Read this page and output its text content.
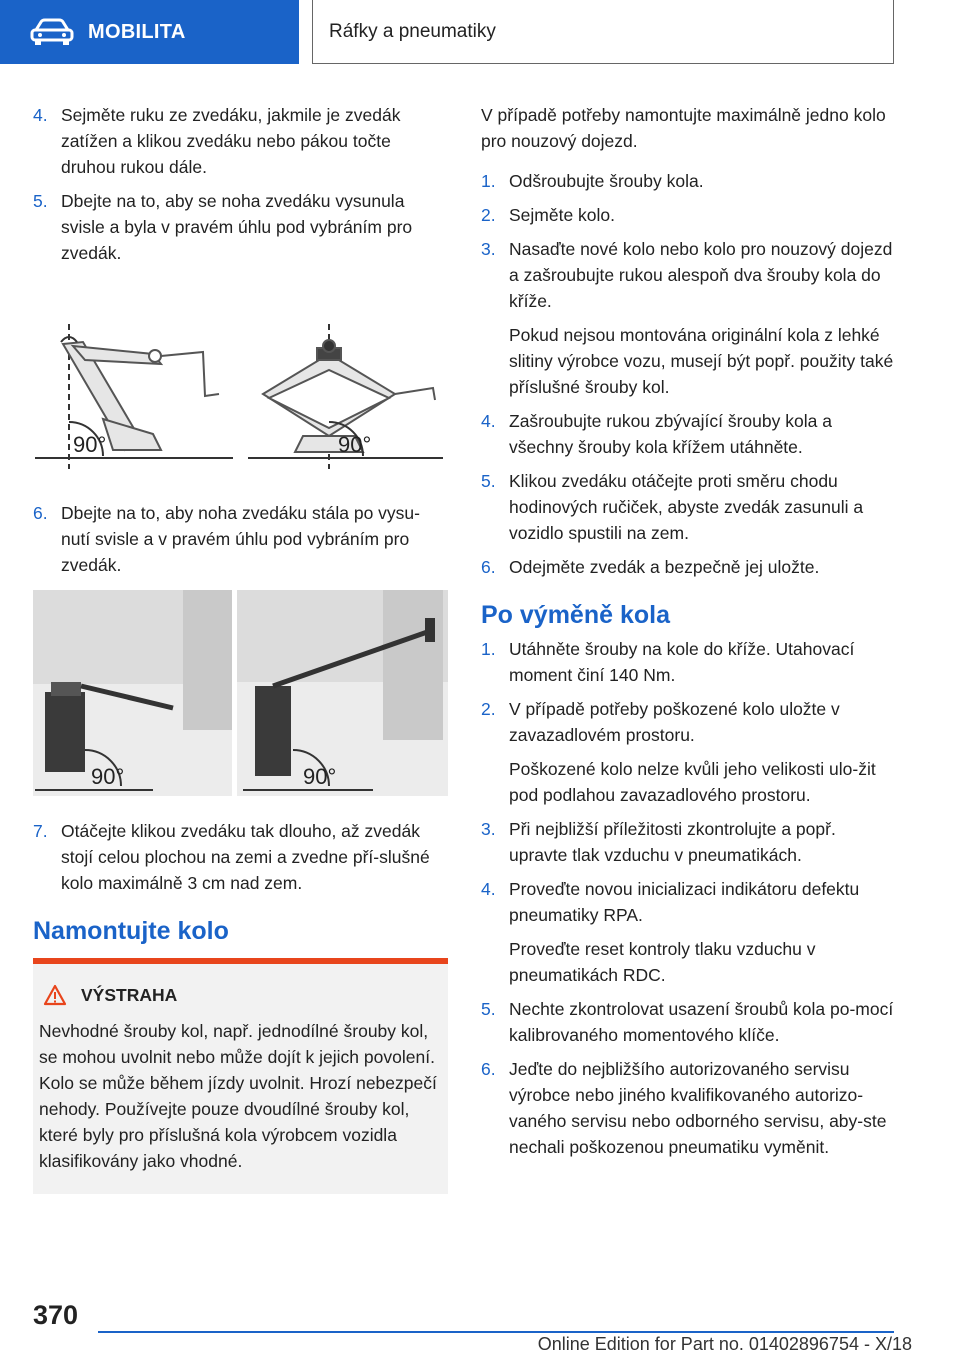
MOBILITA	Ráfky a pneumatiky
4. Sejměte ruku ze zvedáku, jakmile je zvedák zatížen a klikou zvedáku nebo pákou točte druhou rukou dále.
5. Dbejte na to, aby se noha zvedáku vysunula svisle a byla v pravém úhlu pod vybráním pro zvedák.
90°	90°
6. Dbejte na to, aby noha zvedáku stála po vysu‐nutí svisle a v pravém úhlu pod vybráním pro zvedák.
90°	90°
7. Otáčejte klikou zvedáku tak dlouho, až zvedák stojí celou plochou na zemi a zvedne pří‐slušné kolo maximálně 3 cm nad zem.
Namontujte kolo
VÝSTRAHA
Nevhodné šrouby kol, např. jednodílné šrouby kol, se mohou uvolnit nebo může dojít k jejich povolení. Kolo se může během jízdy uvolnit. Hrozí nebezpečí nehody. Používejte pouze dvoudílné šrouby kol, které byly pro příslušná kola výrobcem vozidla klasifikovány jako vhodné.

V případě potřeby namontujte maximálně jedno kolo pro nouzový dojezd.

1. Odšroubujte šrouby kola.
2. Sejměte kolo.
3. Nasaďte nové kolo nebo kolo pro nouzový dojezd a zašroubujte rukou alespoň dva šrouby kola do kříže.

Pokud nejsou montována originální kola z lehké slitiny výrobce vozu, musejí být popř. použity také příslušné šrouby kol.

4. Zašroubujte rukou zbývající šrouby kola a všechny šrouby kola křížem utáhněte.
5. Klikou zvedáku otáčejte proti směru chodu hodinových ručiček, abyste zvedák zasunuli a vozidlo spustili na zem.
6. Odejměte zvedák a bezpečně jej uložte.
Po výměně kola
1. Utáhněte šrouby na kole do kříže. Utahovací moment činí 140 Nm.
2. V případě potřeby poškozené kolo uložte v zavazadlovém prostoru.

Poškozené kolo nelze kvůli jeho velikosti ulo‐žit pod podlahou zavazadlového prostoru.

3. Při nejbližší příležitosti zkontrolujte a popř. upravte tlak vzduchu v pneumatikách.
4. Proveďte novou inicializaci indikátoru defektu pneumatiky RPA.

Proveďte reset kontroly tlaku vzduchu v pneumatikách RDC.

5. Nechte zkontrolovat usazení šroubů kola po‐mocí kalibrovaného momentového klíče.
6. Jeďte do nejbližšího autorizovaného servisu výrobce nebo jiného kvalifikovaného autorizo‐vaného servisu nebo odborného servisu, aby‐ste nechali poškozenou pneumatiku vyměnit.
370
Online Edition for Part no. 01402896754 - X/18
